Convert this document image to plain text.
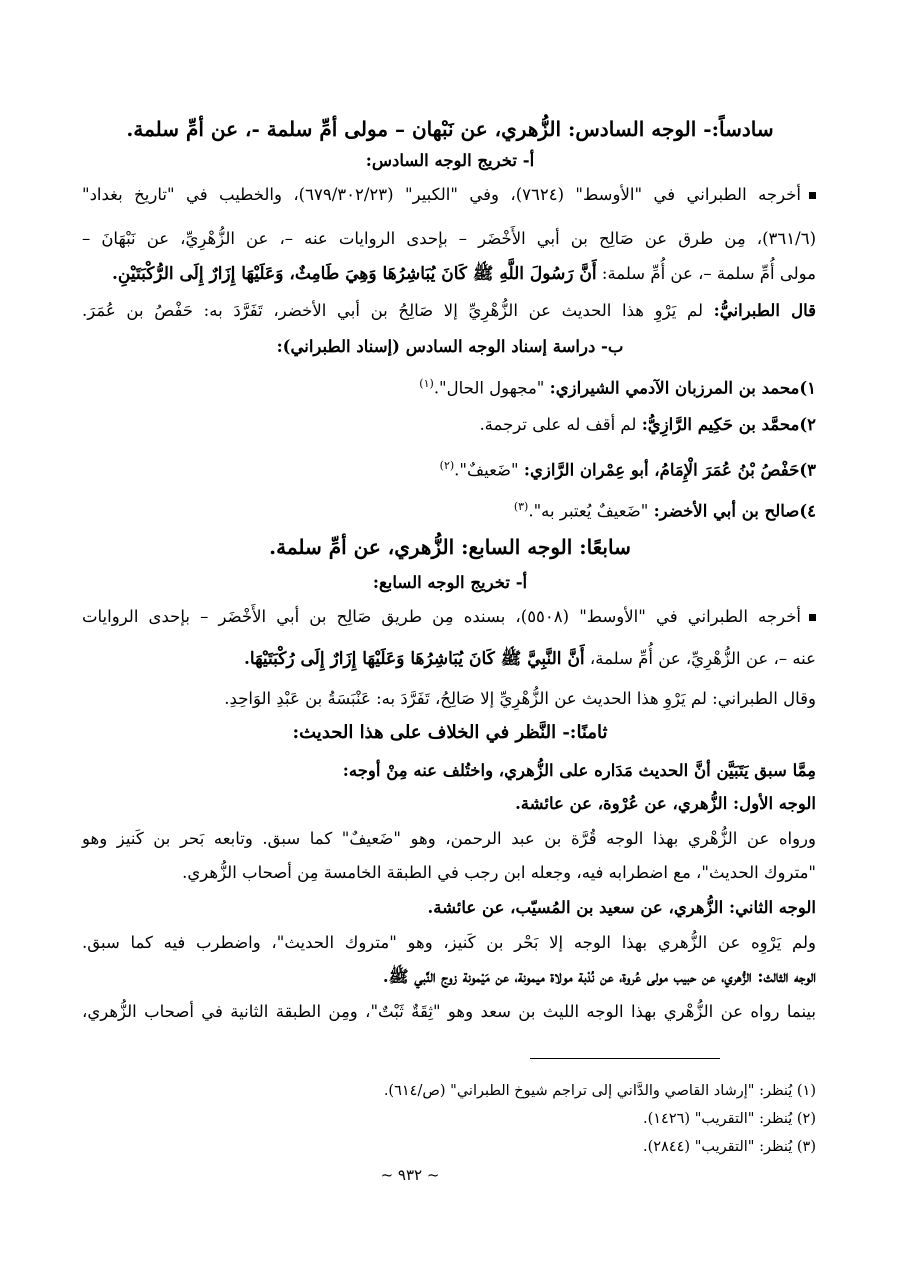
سادساً:- الوجه السادس: الزُّهري، عن نَبْهان – مولى أمِّ سلمة -، عن أمِّ سلمة.
أ- تخريج الوجه السادس:
أخرجه الطبراني في "الأوسط" (٧٦٢٤)، وفي "الكبير" (٦٧٩/٣٠٢/٢٣)، والخطيب في "تاريخ بغداد"
(٣٦١/٦)، مِن طرق عن صَالِح بن أبي الأَخْضَر – بإحدى الروايات عنه –، عن الزُّهْرِيِّ، عن نَبْهَانَ –
مولى أُمِّ سلمة –، عن أُمِّ سلمة: أَنَّ رَسُولَ اللَّهِ ﷺ كَانَ يُبَاشِرُهَا وَهِيَ طَامِثٌ، وَعَلَيْهَا إِزَارٌ إِلَى الرُّكْبَتَيْنِ.
قال الطبرانيُّ: لم يَرْوِ هذا الحديث عن الزُّهْرِيِّ إلا صَالِحُ بن أبي الأخضر، تَفَرَّدَ به: حَفْصُ بن عُمَرَ.
ب- دراسة إسناد الوجه السادس (إسناد الطبراني):
١)محمد بن المرزبان الآدمي الشيرازي: "مجهول الحال".$^{(١)}$
٢)محمَّد بن حَكِيم الرَّازِيُّ: لم أقف له على ترجمة.
٣)حَفْصُ بْنُ عُمَرَ الْإِمَامُ، أبو عِمْران الرَّازي: "ضَعيفٌ".$^{(٢)}$
٤)صالح بن أبي الأخضر: "ضَعيفٌ يُعتبر به".$^{(٣)}$
سابعًا: الوجه السابع: الزُّهري، عن أمِّ سلمة.
أ- تخريج الوجه السابع:
أخرجه الطبراني في "الأوسط" (٥٥٠٨)، بسنده مِن طريق صَالِح بن أبي الأَخْضَر – بإحدى الروايات
عنه –، عن الزُّهْرِيِّ، عن أُمِّ سلمة، أَنَّ النَّبِيَّ ﷺ كَانَ يُبَاشِرُهَا وَعَلَيْهَا إِزَارٌ إِلَى رُكْبَتَيْهَا.
وقال الطبراني: لم يَرْوِ هذا الحديث عن الزُّهْرِيِّ إلا صَالِحُ، تَفَرَّدَ به: عَنْبَسَةُ بن عَبْدِ الوَاحِدِ.
ثامنًا:- النَّظر في الخلاف على هذا الحديث:
مِمَّا سبق يَتَبَيَّن أنَّ الحديث مَدَاره على الزُّهري، واختُلف عنه مِنْ أوجه:
الوجه الأول: الزُّهري، عن عُرْوة، عن عائشة.
ورواه عن الزُّهْري بهذا الوجه قُرَّة بن عبد الرحمن، وهو "ضَعيفٌ" كما سبق. وتابعه بَحر بن كَنيز وهو
"متروك الحديث"، مع اضطرابه فيه، وجعله ابن رجب في الطبقة الخامسة مِن أصحاب الزُّهري.
الوجه الثاني: الزُّهري، عن سعيد بن المُسيّب، عن عائشة.
ولم يَرْوِه عن الزُّهري بهذا الوجه إلا بَحْر بن كَنيز، وهو "متروك الحديث"، واضطرب فيه كما سبق.
الوجه الثالث: الزُّهري، عن حبيب مولى عُروة، عن نُدْبة مولاة ميمونة، عن مَيْمونة زوج النَّبي ﷺ.
بينما رواه عن الزُّهْري بهذا الوجه الليث بن سعد وهو "ثِقَةٌ ثَبْتٌ"، ومِن الطبقة الثانية في أصحاب الزُّهري،
(١) يُنظر: "إرشاد القاصي والدَّاني إلى تراجم شيوخ الطبراني" (ص/٦١٤).
(٢) يُنظر: "التقريب" (١٤٢٦).
(٣) يُنظر: "التقريب" (٢٨٤٤).
~ ٩٣٢ ~
